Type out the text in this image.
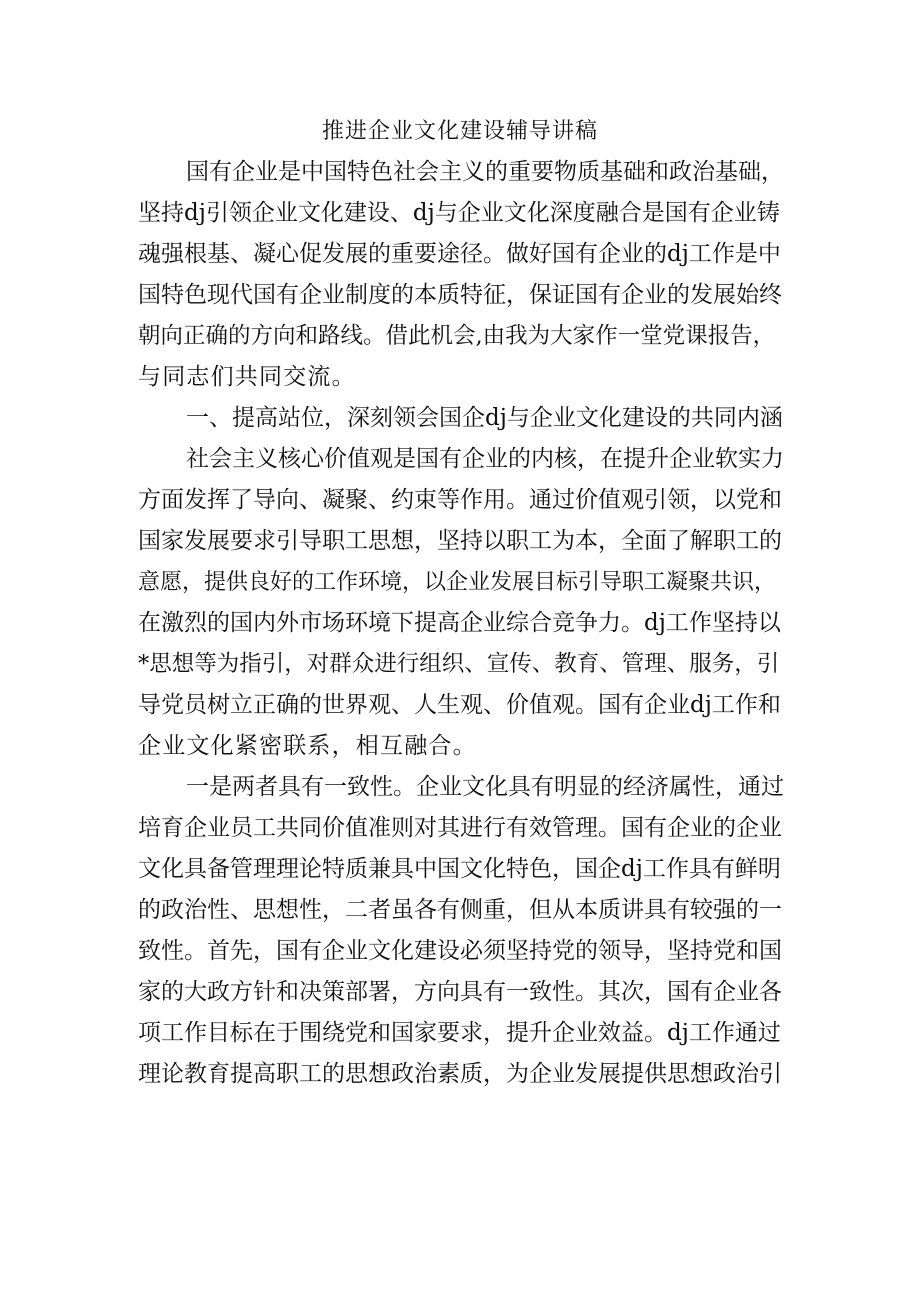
推进企业文化建设辅导讲稿
国有企业是中国特色社会主义的重要物质基础和政治基础，
坚持dj引领企业文化建设、dj与企业文化深度融合是国有企业铸
魂强根基、凝心促发展的重要途径。做好国有企业的dj工作是中
国特色现代国有企业制度的本质特征，保证国有企业的发展始终
朝向正确的方向和路线。借此机会,由我为大家作一堂党课报告，
与同志们共同交流。
一、提高站位，深刻领会国企dj与企业文化建设的共同内涵
社会主义核心价值观是国有企业的内核，在提升企业软实力
方面发挥了导向、凝聚、约束等作用。通过价值观引领，以党和
国家发展要求引导职工思想，坚持以职工为本，全面了解职工的
意愿，提供良好的工作环境，以企业发展目标引导职工凝聚共识，
在激烈的国内外市场环境下提高企业综合竞争力。dj工作坚持以
*思想等为指引，对群众进行组织、宣传、教育、管理、服务，引
导党员树立正确的世界观、人生观、价值观。国有企业dj工作和
企业文化紧密联系，相互融合。
一是两者具有一致性。企业文化具有明显的经济属性，通过
培育企业员工共同价值准则对其进行有效管理。国有企业的企业
文化具备管理理论特质兼具中国文化特色，国企dj工作具有鲜明
的政治性、思想性，二者虽各有侧重，但从本质讲具有较强的一
致性。首先，国有企业文化建设必须坚持党的领导，坚持党和国
家的大政方针和决策部署，方向具有一致性。其次，国有企业各
项工作目标在于围绕党和国家要求，提升企业效益。dj工作通过
理论教育提高职工的思想政治素质，为企业发展提供思想政治引
